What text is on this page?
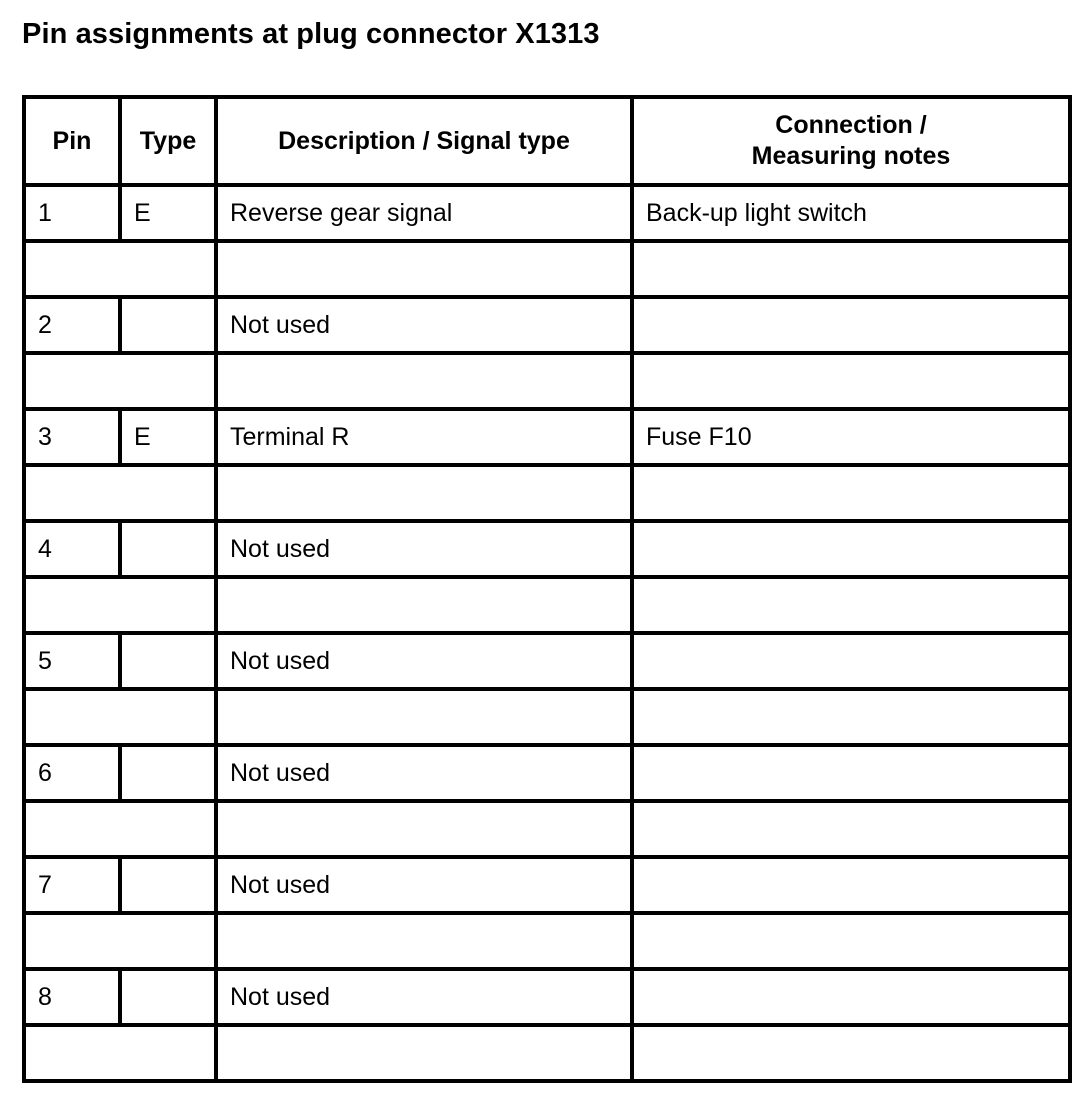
Pin assignments at plug connector X1313
Pin	Type	Description / Signal type	Connection /
Measuring notes
1	E	Reverse gear signal	Back-up light switch

2		Not used	

3	E	Terminal R	Fuse F10

4		Not used	

5		Not used	

6		Not used	

7		Not used	

8		Not used	
